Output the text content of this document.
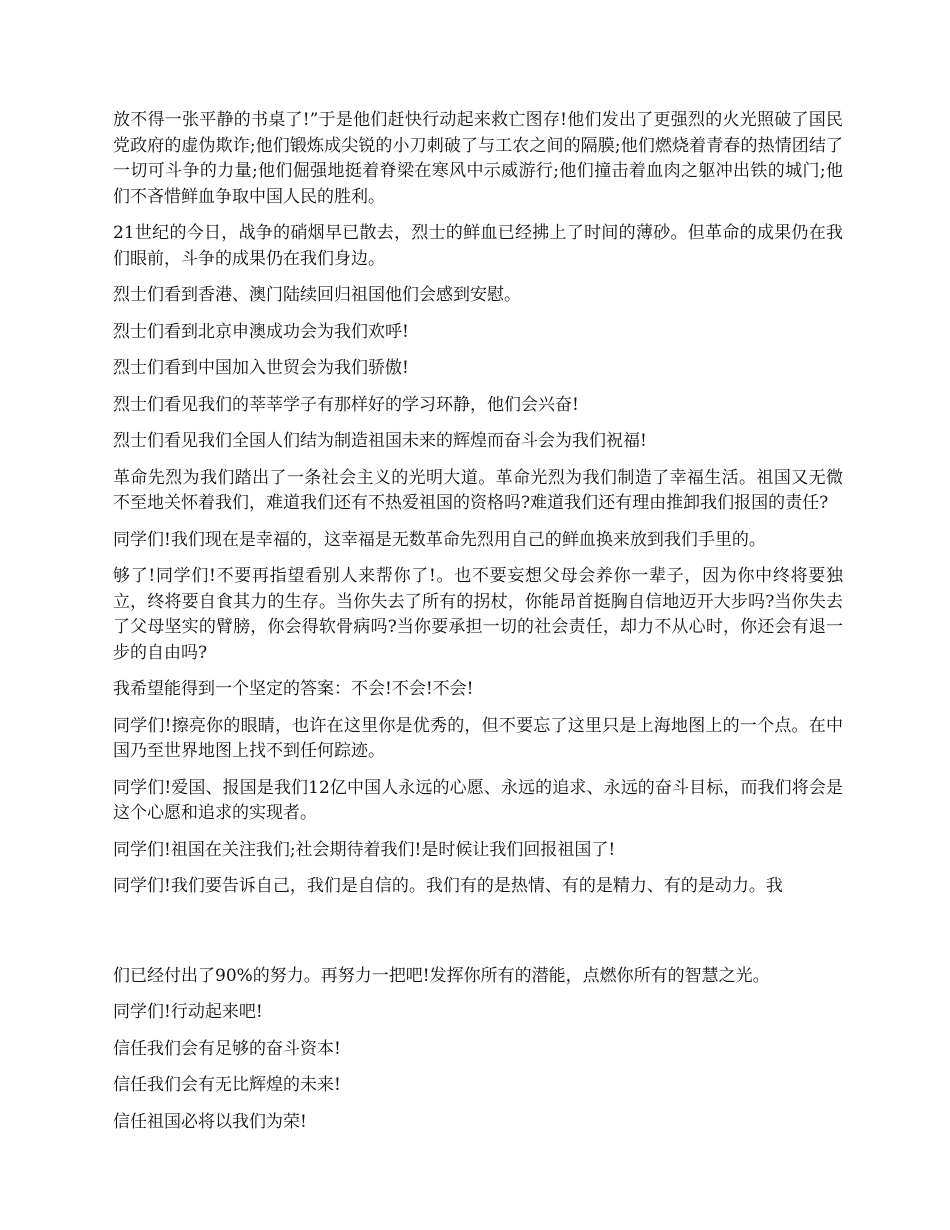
放不得一张平静的书桌了!”于是他们赶快行动起来救亡图存!他们发出了更强烈的火光照破了国民党政府的虚伪欺诈;他们锻炼成尖锐的小刀刺破了与工农之间的隔膜;他们燃烧着青春的热情团结了一切可斗争的力量;他们倔强地挺着脊梁在寒风中示威游行;他们撞击着血肉之躯冲出铁的城门;他们不吝惜鲜血争取中国人民的胜利。

21世纪的今日，战争的硝烟早已散去，烈士的鲜血已经拂上了时间的薄砂。但革命的成果仍在我们眼前，斗争的成果仍在我们身边。

烈士们看到香港、澳门陆续回归祖国他们会感到安慰。

烈士们看到北京申澳成功会为我们欢呼!

烈士们看到中国加入世贸会为我们骄傲!

烈士们看见我们的莘莘学子有那样好的学习环静，他们会兴奋!

烈士们看见我们全国人们结为制造祖国未来的辉煌而奋斗会为我们祝福!

革命先烈为我们踏出了一条社会主义的光明大道。革命光烈为我们制造了幸福生活。祖国又无微不至地关怀着我们，难道我们还有不热爱祖国的资格吗?难道我们还有理由推卸我们报国的责任?

同学们!我们现在是幸福的，这幸福是无数革命先烈用自己的鲜血换来放到我们手里的。

够了!同学们!不要再指望看别人来帮你了!。也不要妄想父母会养你一辈子，因为你中终将要独立，终将要自食其力的生存。当你失去了所有的拐杖，你能昂首挺胸自信地迈开大步吗?当你失去了父母坚实的臂膀，你会得软骨病吗?当你要承担一切的社会责任，却力不从心时，你还会有退一步的自由吗?

我希望能得到一个坚定的答案：不会!不会!不会!

同学们!擦亮你的眼睛，也许在这里你是优秀的，但不要忘了这里只是上海地图上的一个点。在中国乃至世界地图上找不到任何踪迹。

同学们!爱国、报国是我们12亿中国人永远的心愿、永远的追求、永远的奋斗目标，而我们将会是这个心愿和追求的实现者。

同学们!祖国在关注我们;社会期待着我们!是时候让我们回报祖国了!

同学们!我们要告诉自己，我们是自信的。我们有的是热情、有的是精力、有的是动力。我

们已经付出了90%的努力。再努力一把吧!发挥你所有的潜能，点燃你所有的智慧之光。

同学们!行动起来吧!

信任我们会有足够的奋斗资本!

信任我们会有无比辉煌的未来!

信任祖国必将以我们为荣!
